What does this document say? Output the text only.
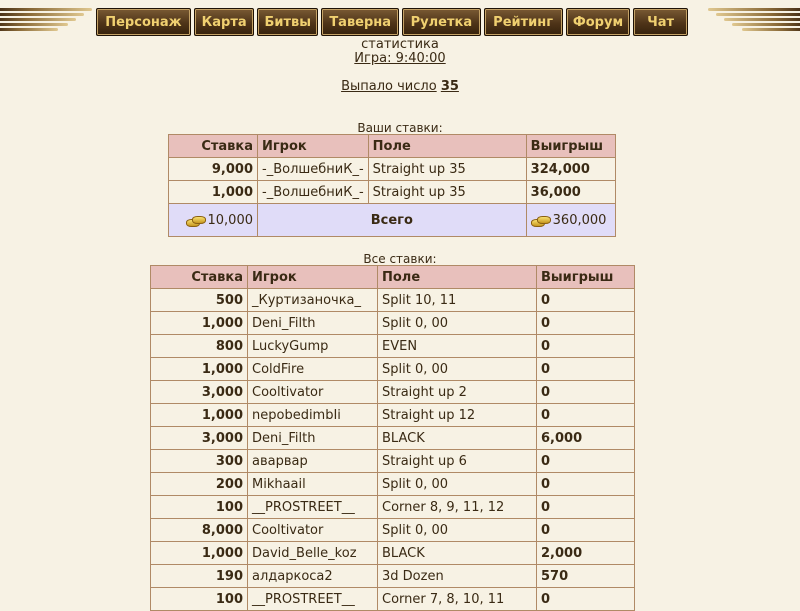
Персонаж	Карта	Битвы	Таверна	Рулетка	Рейтинг	Форум	Чат
статистика
Игра: 9:40:00
Выпало число 35
Ваши ставки:
Ставка	Игрок	Поле	Выигрыш
9,000	-_ВолшебниК_-	Straight up 35	324,000
1,000	-_ВолшебниК_-	Straight up 35	36,000

10,000	Всего		360,000
Все ставки:
Ставка	Игрок	Поле	Выигрыш
500	_Куртизаночка_	Split 10, 11	0
1,000	Deni_Filth	Split 0, 00	0
800	LuckyGump	EVEN	0
1,000	ColdFire	Split 0, 00	0
3,000	Cooltivator	Straight up 2	0
1,000	nepobedimbIi	Straight up 12	0
3,000	Deni_Filth	BLACK	6,000
300	аварвар	Straight up 6	0
200	Mikhaail	Split 0, 00	0
100	__PROSTREET__	Corner 8, 9, 11, 12	0
8,000	Cooltivator	Split 0, 00	0
1,000	David_Belle_koz	BLACK	2,000
190	алдаркоса2	3d Dozen	570
100	__PROSTREET__	Corner 7, 8, 10, 11	0
